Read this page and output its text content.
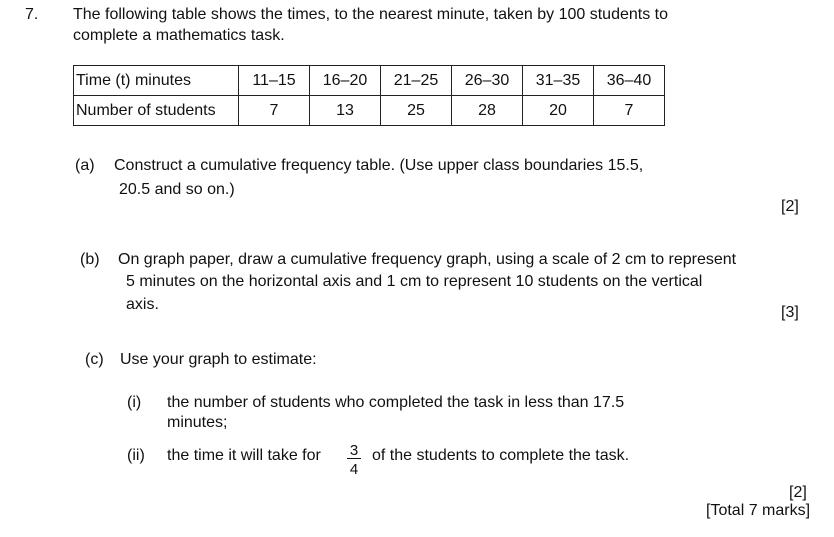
7. The following table shows the times, to the nearest minute, taken by 100 students to
complete a mathematics task.
Time (t) minutes	11–15	16–20	21–25	26–30	31–35	36–40
Number of students	7	13	25	28	20	7
(a) Construct a cumulative frequency table. (Use upper class boundaries 15.5,
20.5 and so on.)
[2]
(b) On graph paper, draw a cumulative frequency graph, using a scale of 2 cm to represent
5 minutes on the horizontal axis and 1 cm to represent 10 students on the vertical
axis.	[3]
(c) Use your graph to estimate:
(i) the number of students who completed the task in less than 17.5
minutes;
(ii) the time it will take for $\frac{3}{4}$ of the students to complete the task.
[2]
[Total 7 marks]
